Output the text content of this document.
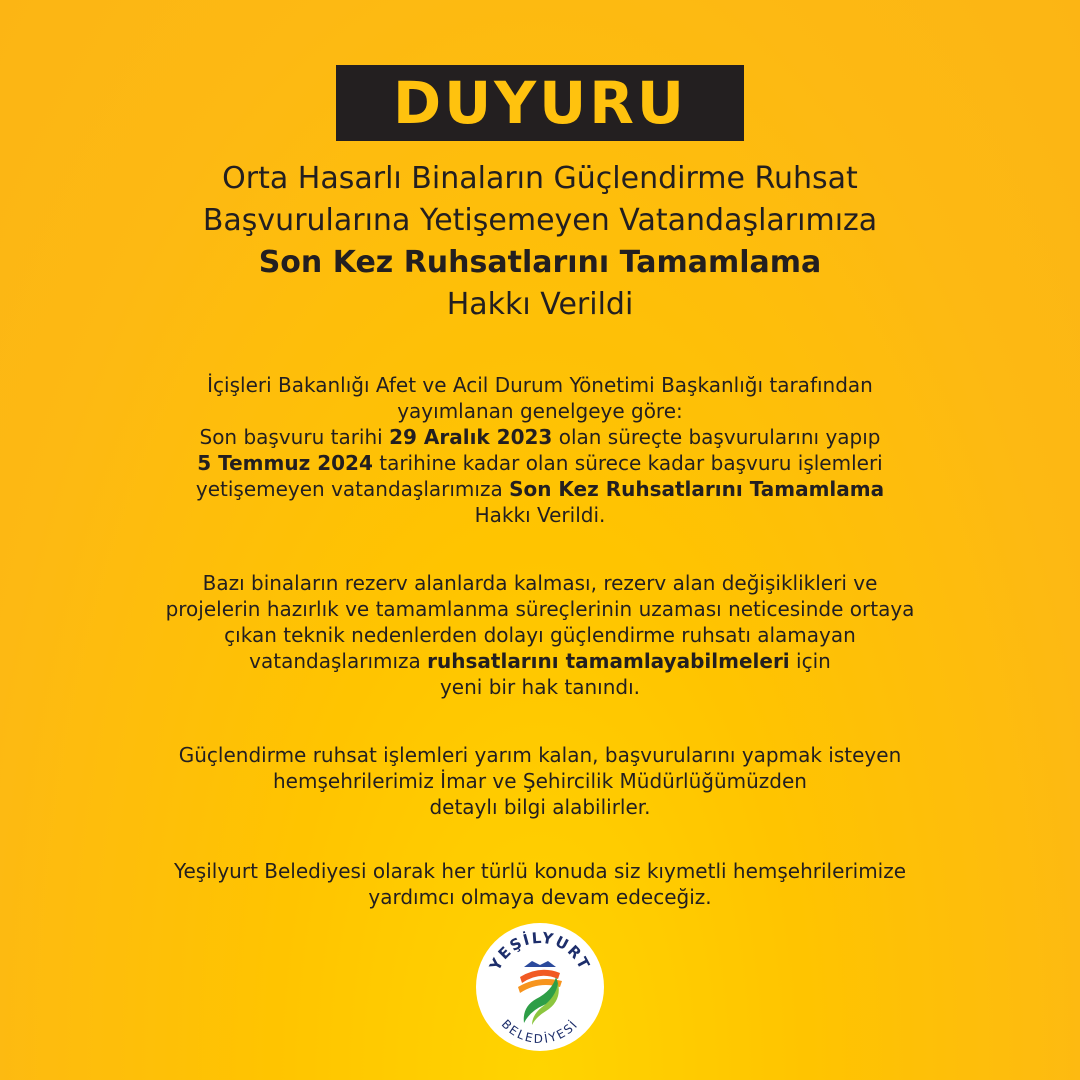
DUYURU
Orta Hasarlı Binaların Güçlendirme Ruhsat
Başvurularına Yetişemeyen Vatandaşlarımıza
Son Kez Ruhsatlarını Tamamlama
Hakkı Verildi
İçişleri Bakanlığı Afet ve Acil Durum Yönetimi Başkanlığı tarafından
yayımlanan genelgeye göre:
Son başvuru tarihi 29 Aralık 2023 olan süreçte başvurularını yapıp
5 Temmuz 2024 tarihine kadar olan sürece kadar başvuru işlemleri
yetişemeyen vatandaşlarımıza Son Kez Ruhsatlarını Tamamlama
Hakkı Verildi.
Bazı binaların rezerv alanlarda kalması, rezerv alan değişiklikleri ve
projelerin hazırlık ve tamamlanma süreçlerinin uzaması neticesinde ortaya
çıkan teknik nedenlerden dolayı güçlendirme ruhsatı alamayan
vatandaşlarımıza ruhsatlarını tamamlayabilmeleri için
yeni bir hak tanındı.
Güçlendirme ruhsat işlemleri yarım kalan, başvurularını yapmak isteyen
hemşehrilerimiz İmar ve Şehircilik Müdürlüğümüzden
detaylı bilgi alabilirler.
Yeşilyurt Belediyesi olarak her türlü konuda siz kıymetli hemşehrilerimize
yardımcı olmaya devam edeceğiz.
YEŞİLYURT
BELEDİYESİ
